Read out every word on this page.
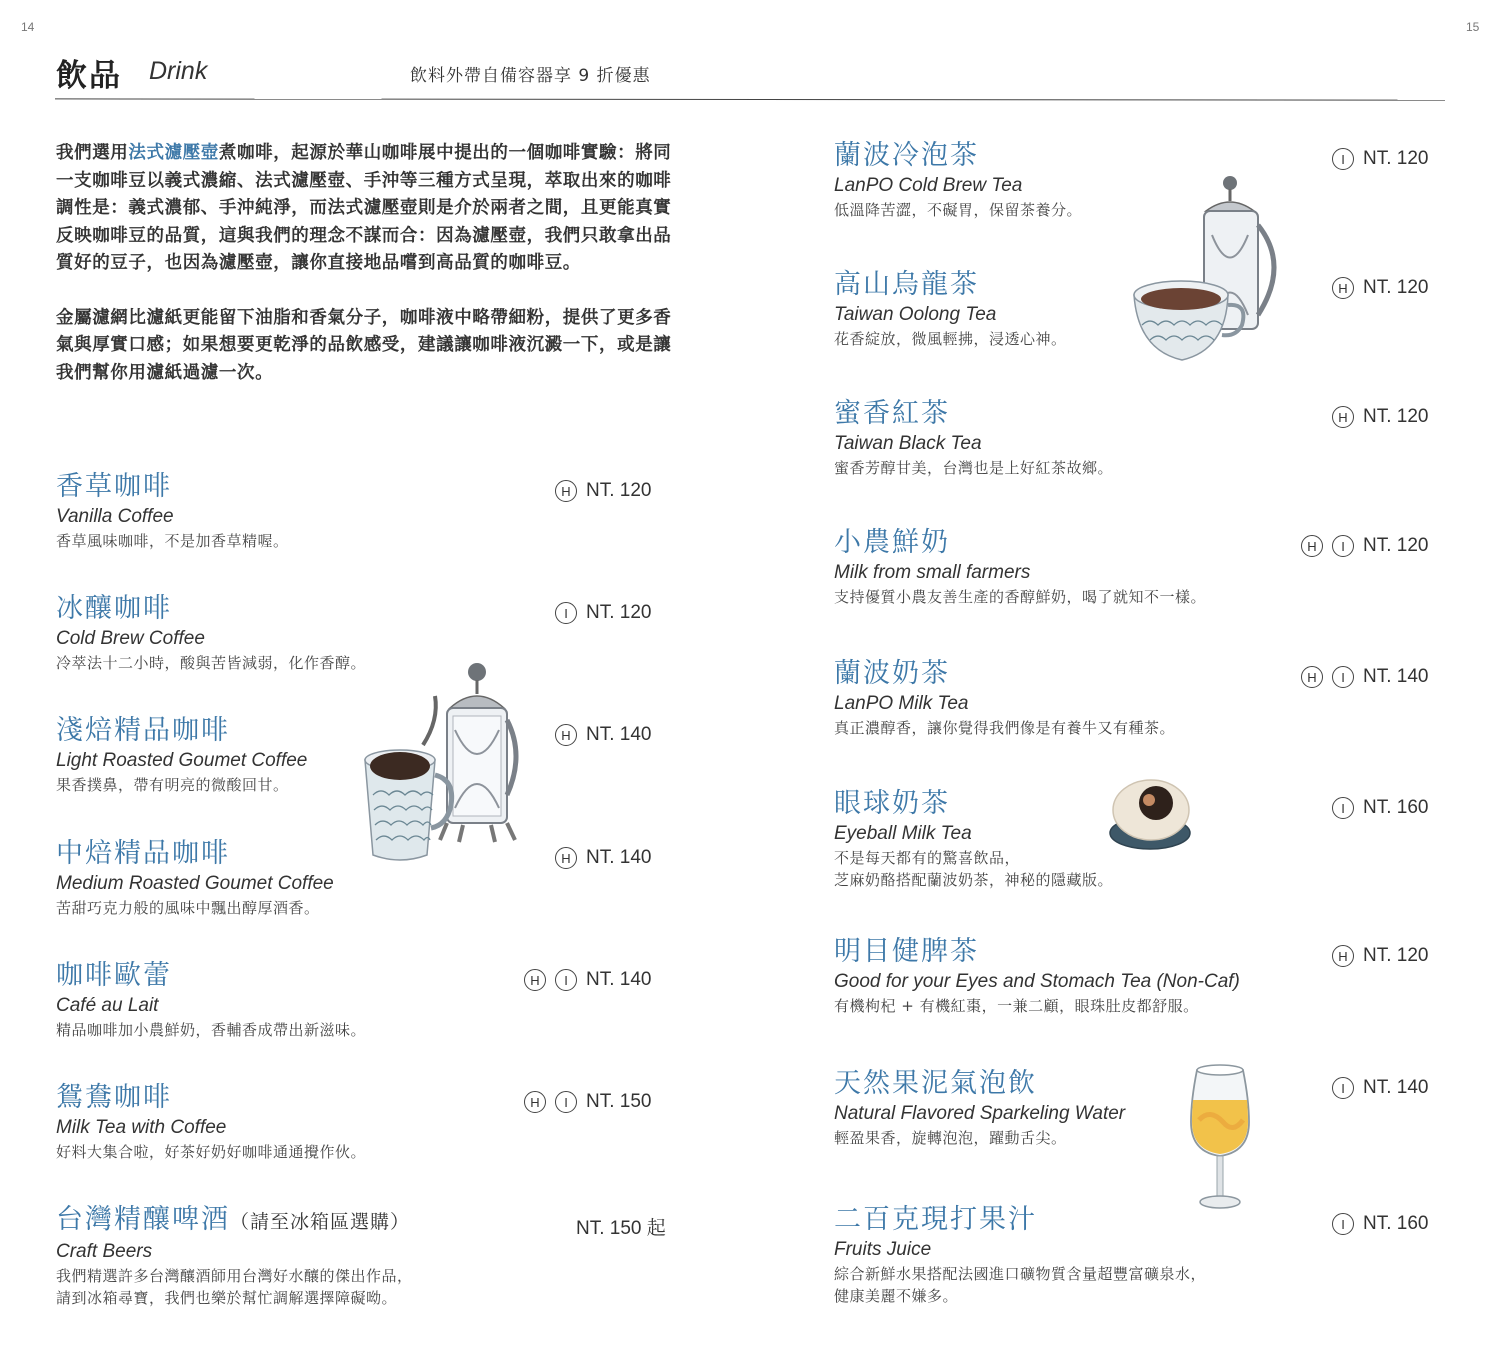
14	15
飲品 Drink	飲料外帶自備容器享 9 折優惠

我們選用法式濾壓壺煮咖啡，起源於華山咖啡展中提出的一個咖啡實驗：將同一支咖啡豆以義式濃縮、法式濾壓壺、手沖等三種方式呈現，萃取出來的咖啡調性是：義式濃郁、手沖純淨，而法式濾壓壺則是介於兩者之間，且更能真實反映咖啡豆的品質，這與我們的理念不謀而合：因為濾壓壺，我們只敢拿出品質好的豆子，也因為濾壓壺，讓你直接地品嚐到高品質的咖啡豆。

金屬濾網比濾紙更能留下油脂和香氣分子，咖啡液中略帶細粉，提供了更多香氣與厚實口感；如果想要更乾淨的品飲感受，建議讓咖啡液沉澱一下，或是讓我們幫你用濾紙過濾一次。

香草咖啡
Vanilla Coffee
香草風味咖啡，不是加香草精喔。
H NT. 120
冰釀咖啡
Cold Brew Coffee
冷萃法十二小時，酸與苦皆減弱，化作香醇。
I NT. 120
淺焙精品咖啡
Light Roasted Goumet Coffee
果香撲鼻，帶有明亮的微酸回甘。
H NT. 140
中焙精品咖啡
Medium Roasted Goumet Coffee
苦甜巧克力般的風味中飄出醇厚酒香。
H NT. 140
咖啡歐蕾
Café au Lait
精品咖啡加小農鮮奶，香輔香成帶出新滋味。
H	I NT. 140
鴛鴦咖啡
Milk Tea with Coffee
好料大集合啦，好茶好奶好咖啡通通攪作伙。
H	I NT. 150
台灣精釀啤酒（請至冰箱區選購）
Craft Beers
我們精選許多台灣釀酒師用台灣好水釀的傑出作品，
請到冰箱尋寶，我們也樂於幫忙調解選擇障礙呦。
NT. 150 起
蘭波冷泡茶
LanPO Cold Brew Tea
低溫降苦澀，不礙胃，保留茶養分。
I NT. 120
高山烏龍茶
Taiwan Oolong Tea
花香綻放，微風輕拂，浸透心神。
H NT. 120
蜜香紅茶
Taiwan Black Tea
蜜香芳醇甘美，台灣也是上好紅茶故鄉。
H NT. 120
小農鮮奶
Milk from small farmers
支持優質小農友善生產的香醇鮮奶，喝了就知不一樣。
H	I NT. 120
蘭波奶茶
LanPO Milk Tea
真正濃醇香，讓你覺得我們像是有養牛又有種茶。
H	I NT. 140
眼球奶茶
Eyeball Milk Tea
不是每天都有的驚喜飲品，
芝麻奶酪搭配蘭波奶茶，神秘的隱藏版。
I NT. 160
明目健脾茶
Good for your Eyes and Stomach Tea (Non-Caf)
有機枸杞 + 有機紅棗，一兼二顧，眼珠肚皮都舒服。
H NT. 120
天然果泥氣泡飲
Natural Flavored Sparkeling Water
輕盈果香，旋轉泡泡，躍動舌尖。
I NT. 140
二百克現打果汁
Fruits Juice
綜合新鮮水果搭配法國進口礦物質含量超豐富礦泉水，
健康美麗不嫌多。
I NT. 160
